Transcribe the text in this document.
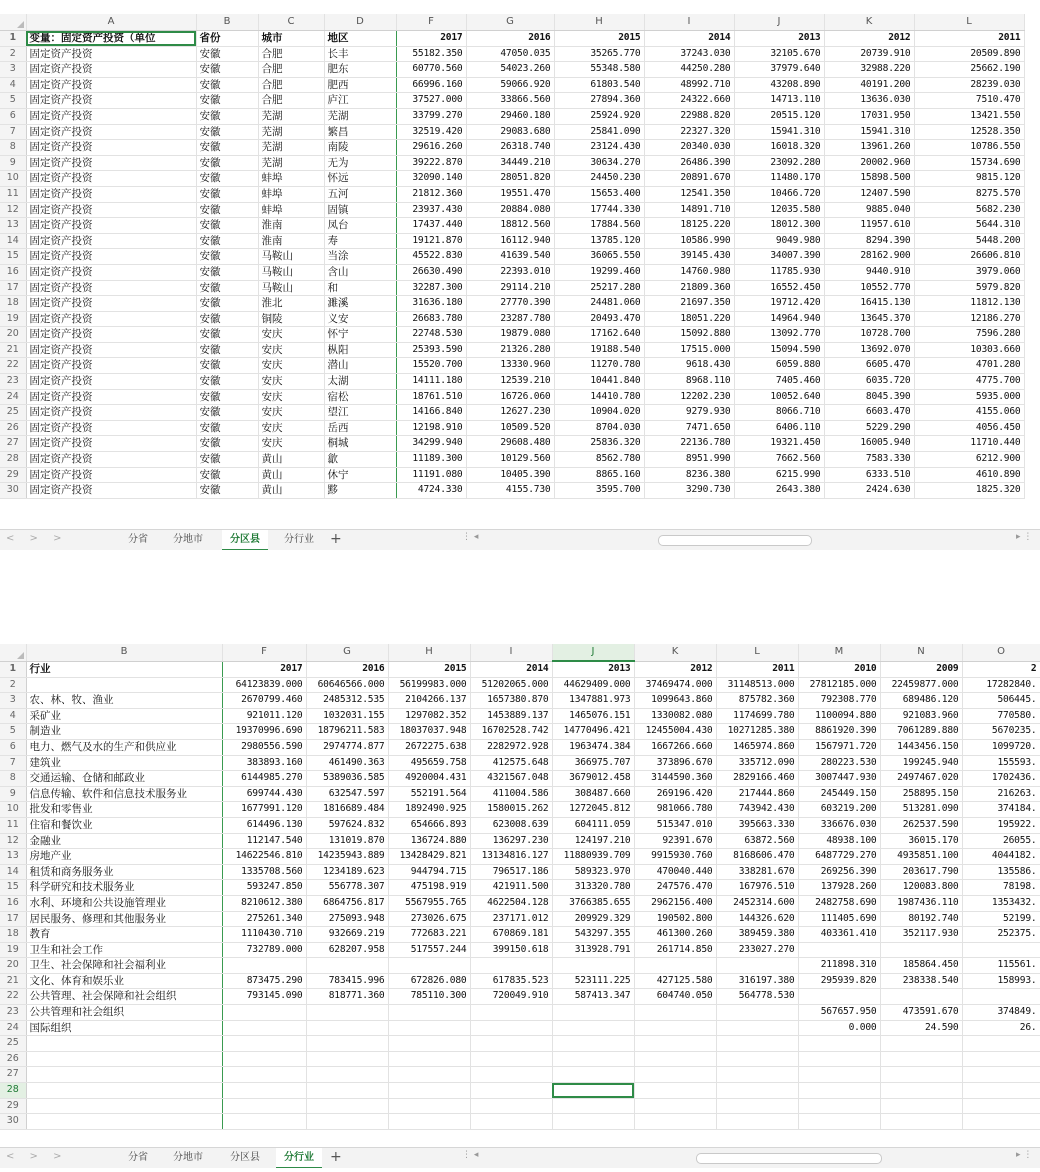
	A	B	C	D	F	G	H	I	J	K	L
1	变量：固定资产投资（单位	省份	城市	地区	2017	2016	2015	2014	2013	2012	2011
2	固定资产投资	安徽	合肥	长丰	55182.350	47050.035	35265.770	37243.030	32105.670	20739.910	20509.890
3	固定资产投资	安徽	合肥	肥东	60770.560	54023.260	55348.580	44250.280	37979.640	32988.220	25662.190
4	固定资产投资	安徽	合肥	肥西	66996.160	59066.920	61803.540	48992.710	43208.890	40191.200	28239.030
5	固定资产投资	安徽	合肥	庐江	37527.000	33866.560	27894.360	24322.660	14713.110	13636.030	7510.470
6	固定资产投资	安徽	芜湖	芜湖	33799.270	29460.180	25924.920	22988.820	20515.120	17031.950	13421.550
7	固定资产投资	安徽	芜湖	繁昌	32519.420	29083.680	25841.090	22327.320	15941.310	15941.310	12528.350
8	固定资产投资	安徽	芜湖	南陵	29616.260	26318.740	23124.430	20340.030	16018.320	13961.260	10786.550
9	固定资产投资	安徽	芜湖	无为	39222.870	34449.210	30634.270	26486.390	23092.280	20002.960	15734.690
10	固定资产投资	安徽	蚌埠	怀远	32090.140	28051.820	24450.230	20891.670	11480.170	15898.500	9815.120
11	固定资产投资	安徽	蚌埠	五河	21812.360	19551.470	15653.400	12541.350	10466.720	12407.590	8275.570
12	固定资产投资	安徽	蚌埠	固镇	23937.430	20884.080	17744.330	14891.710	12035.580	9885.040	5682.230
13	固定资产投资	安徽	淮南	凤台	17437.440	18812.560	17884.560	18125.220	18012.300	11957.610	5644.310
14	固定资产投资	安徽	淮南	寿	19121.870	16112.940	13785.120	10586.990	9049.980	8294.390	5448.200
15	固定资产投资	安徽	马鞍山	当涂	45522.830	41639.540	36065.550	39145.430	34007.390	28162.900	26606.810
16	固定资产投资	安徽	马鞍山	含山	26630.490	22393.010	19299.460	14760.980	11785.930	9440.910	3979.060
17	固定资产投资	安徽	马鞍山	和	32287.300	29114.210	25217.280	21809.360	16552.450	10552.770	5979.820
18	固定资产投资	安徽	淮北	濉溪	31636.180	27770.390	24481.060	21697.350	19712.420	16415.130	11812.130
19	固定资产投资	安徽	铜陵	义安	26683.780	23287.780	20493.470	18051.220	14964.940	13645.370	12186.270
20	固定资产投资	安徽	安庆	怀宁	22748.530	19879.080	17162.640	15092.880	13092.770	10728.700	7596.280
21	固定资产投资	安徽	安庆	枞阳	25393.590	21326.280	19188.540	17515.000	15094.590	13692.070	10303.660
22	固定资产投资	安徽	安庆	潜山	15520.700	13330.960	11270.780	9618.430	6059.880	6605.470	4701.280
23	固定资产投资	安徽	安庆	太湖	14111.180	12539.210	10441.840	8968.110	7405.460	6035.720	4775.700
24	固定资产投资	安徽	安庆	宿松	18761.510	16726.060	14410.780	12202.230	10052.640	8045.390	5935.000
25	固定资产投资	安徽	安庆	望江	14166.840	12627.230	10904.020	9279.930	8066.710	6603.470	4155.060
26	固定资产投资	安徽	安庆	岳西	12198.910	10509.520	8704.030	7471.650	6406.110	5229.290	4056.450
27	固定资产投资	安徽	安庆	桐城	34299.940	29608.480	25836.320	22136.780	19321.450	16005.940	11710.440
28	固定资产投资	安徽	黄山	歙	11189.300	10129.560	8562.780	8951.990	7662.560	7583.330	6212.900
29	固定资产投资	安徽	黄山	休宁	11191.080	10405.390	8865.160	8236.380	6215.990	6333.510	4610.890
30	固定资产投资	安徽	黄山	黟	4724.330	4155.730	3595.700	3290.730	2643.380	2424.630	1825.320
< > >	分省	分地市	分区县	分行业	+	⋮ ◂	▸ ⋮
	B	F	G	H	I	J	K	L	M	N	O
1	行业	2017	2016	2015	2014	2013	2012	2011	2010	2009	2
2		64123839.000	60646566.000	56199983.000	51202065.000	44629409.000	37469474.000	31148513.000	27812185.000	22459877.000	17282840.
3	农、林、牧、渔业	2670799.460	2485312.535	2104266.137	1657380.870	1347881.973	1099643.860	875782.360	792308.770	689486.120	506445.
4	采矿业	921011.120	1032031.155	1297082.352	1453889.137	1465076.151	1330082.080	1174699.780	1100094.880	921083.960	770580.
5	制造业	19370996.690	18796211.583	18037037.948	16702528.742	14770496.421	12455004.430	10271285.380	8861920.390	7061289.880	5670235.
6	电力、燃气及水的生产和供应业	2980556.590	2974774.877	2672275.638	2282972.928	1963474.384	1667266.660	1465974.860	1567971.720	1443456.150	1099720.
7	建筑业	383893.160	461490.363	495659.758	412575.648	366975.707	373896.670	335712.090	280223.530	199245.940	155593.
8	交通运输、仓储和邮政业	6144985.270	5389036.585	4920004.431	4321567.048	3679012.458	3144590.360	2829166.460	3007447.930	2497467.020	1702436.
9	信息传输、软件和信息技术服务业	699744.430	632547.597	552191.564	411004.586	308487.660	269196.420	217444.860	245449.150	258895.150	216263.
10	批发和零售业	1677991.120	1816689.484	1892490.925	1580015.262	1272045.812	981066.780	743942.430	603219.200	513281.090	374184.
11	住宿和餐饮业	614496.130	597624.832	654666.893	623008.639	604111.059	515347.010	395663.330	336676.030	262537.590	195922.
12	金融业	112147.540	131019.870	136724.880	136297.230	124197.210	92391.670	63872.560	48938.100	36015.170	26055.
13	房地产业	14622546.810	14235943.889	13428429.821	13134816.127	11880939.709	9915930.760	8168606.470	6487729.270	4935851.100	4044182.
14	租赁和商务服务业	1335708.560	1234189.623	944794.715	796517.186	589323.970	470040.440	338281.670	269256.390	203617.790	135586.
15	科学研究和技术服务业	593247.850	556778.307	475198.919	421911.500	313320.780	247576.470	167976.510	137928.260	120083.800	78198.
16	水利、环境和公共设施管理业	8210612.380	6864756.817	5567955.765	4622504.128	3766385.655	2962156.400	2452314.600	2482758.690	1987436.110	1353432.
17	居民服务、修理和其他服务业	275261.340	275093.948	273026.675	237171.012	209929.329	190502.800	144326.620	111405.690	80192.740	52199.
18	教育	1110430.710	932669.219	772683.221	670869.181	543297.355	461300.260	389459.380	403361.410	352117.930	252375.
19	卫生和社会工作	732789.000	628207.958	517557.244	399150.618	313928.791	261714.850	233027.270			
20	卫生、社会保障和社会福利业								211898.310	185864.450	115561.
21	文化、体育和娱乐业	873475.290	783415.996	672826.080	617835.523	523111.225	427125.580	316197.380	295939.820	238338.540	158993.
22	公共管理、社会保障和社会组织	793145.090	818771.360	785110.300	720049.910	587413.347	604740.050	564778.530			
23	公共管理和社会组织								567657.950	473591.670	374849.
24	国际组织								0.000	24.590	26.
25											
26											
27											
28											
29											
30											
< > >	分省	分地市	分区县	分行业	+	⋮ ◂	▸ ⋮
